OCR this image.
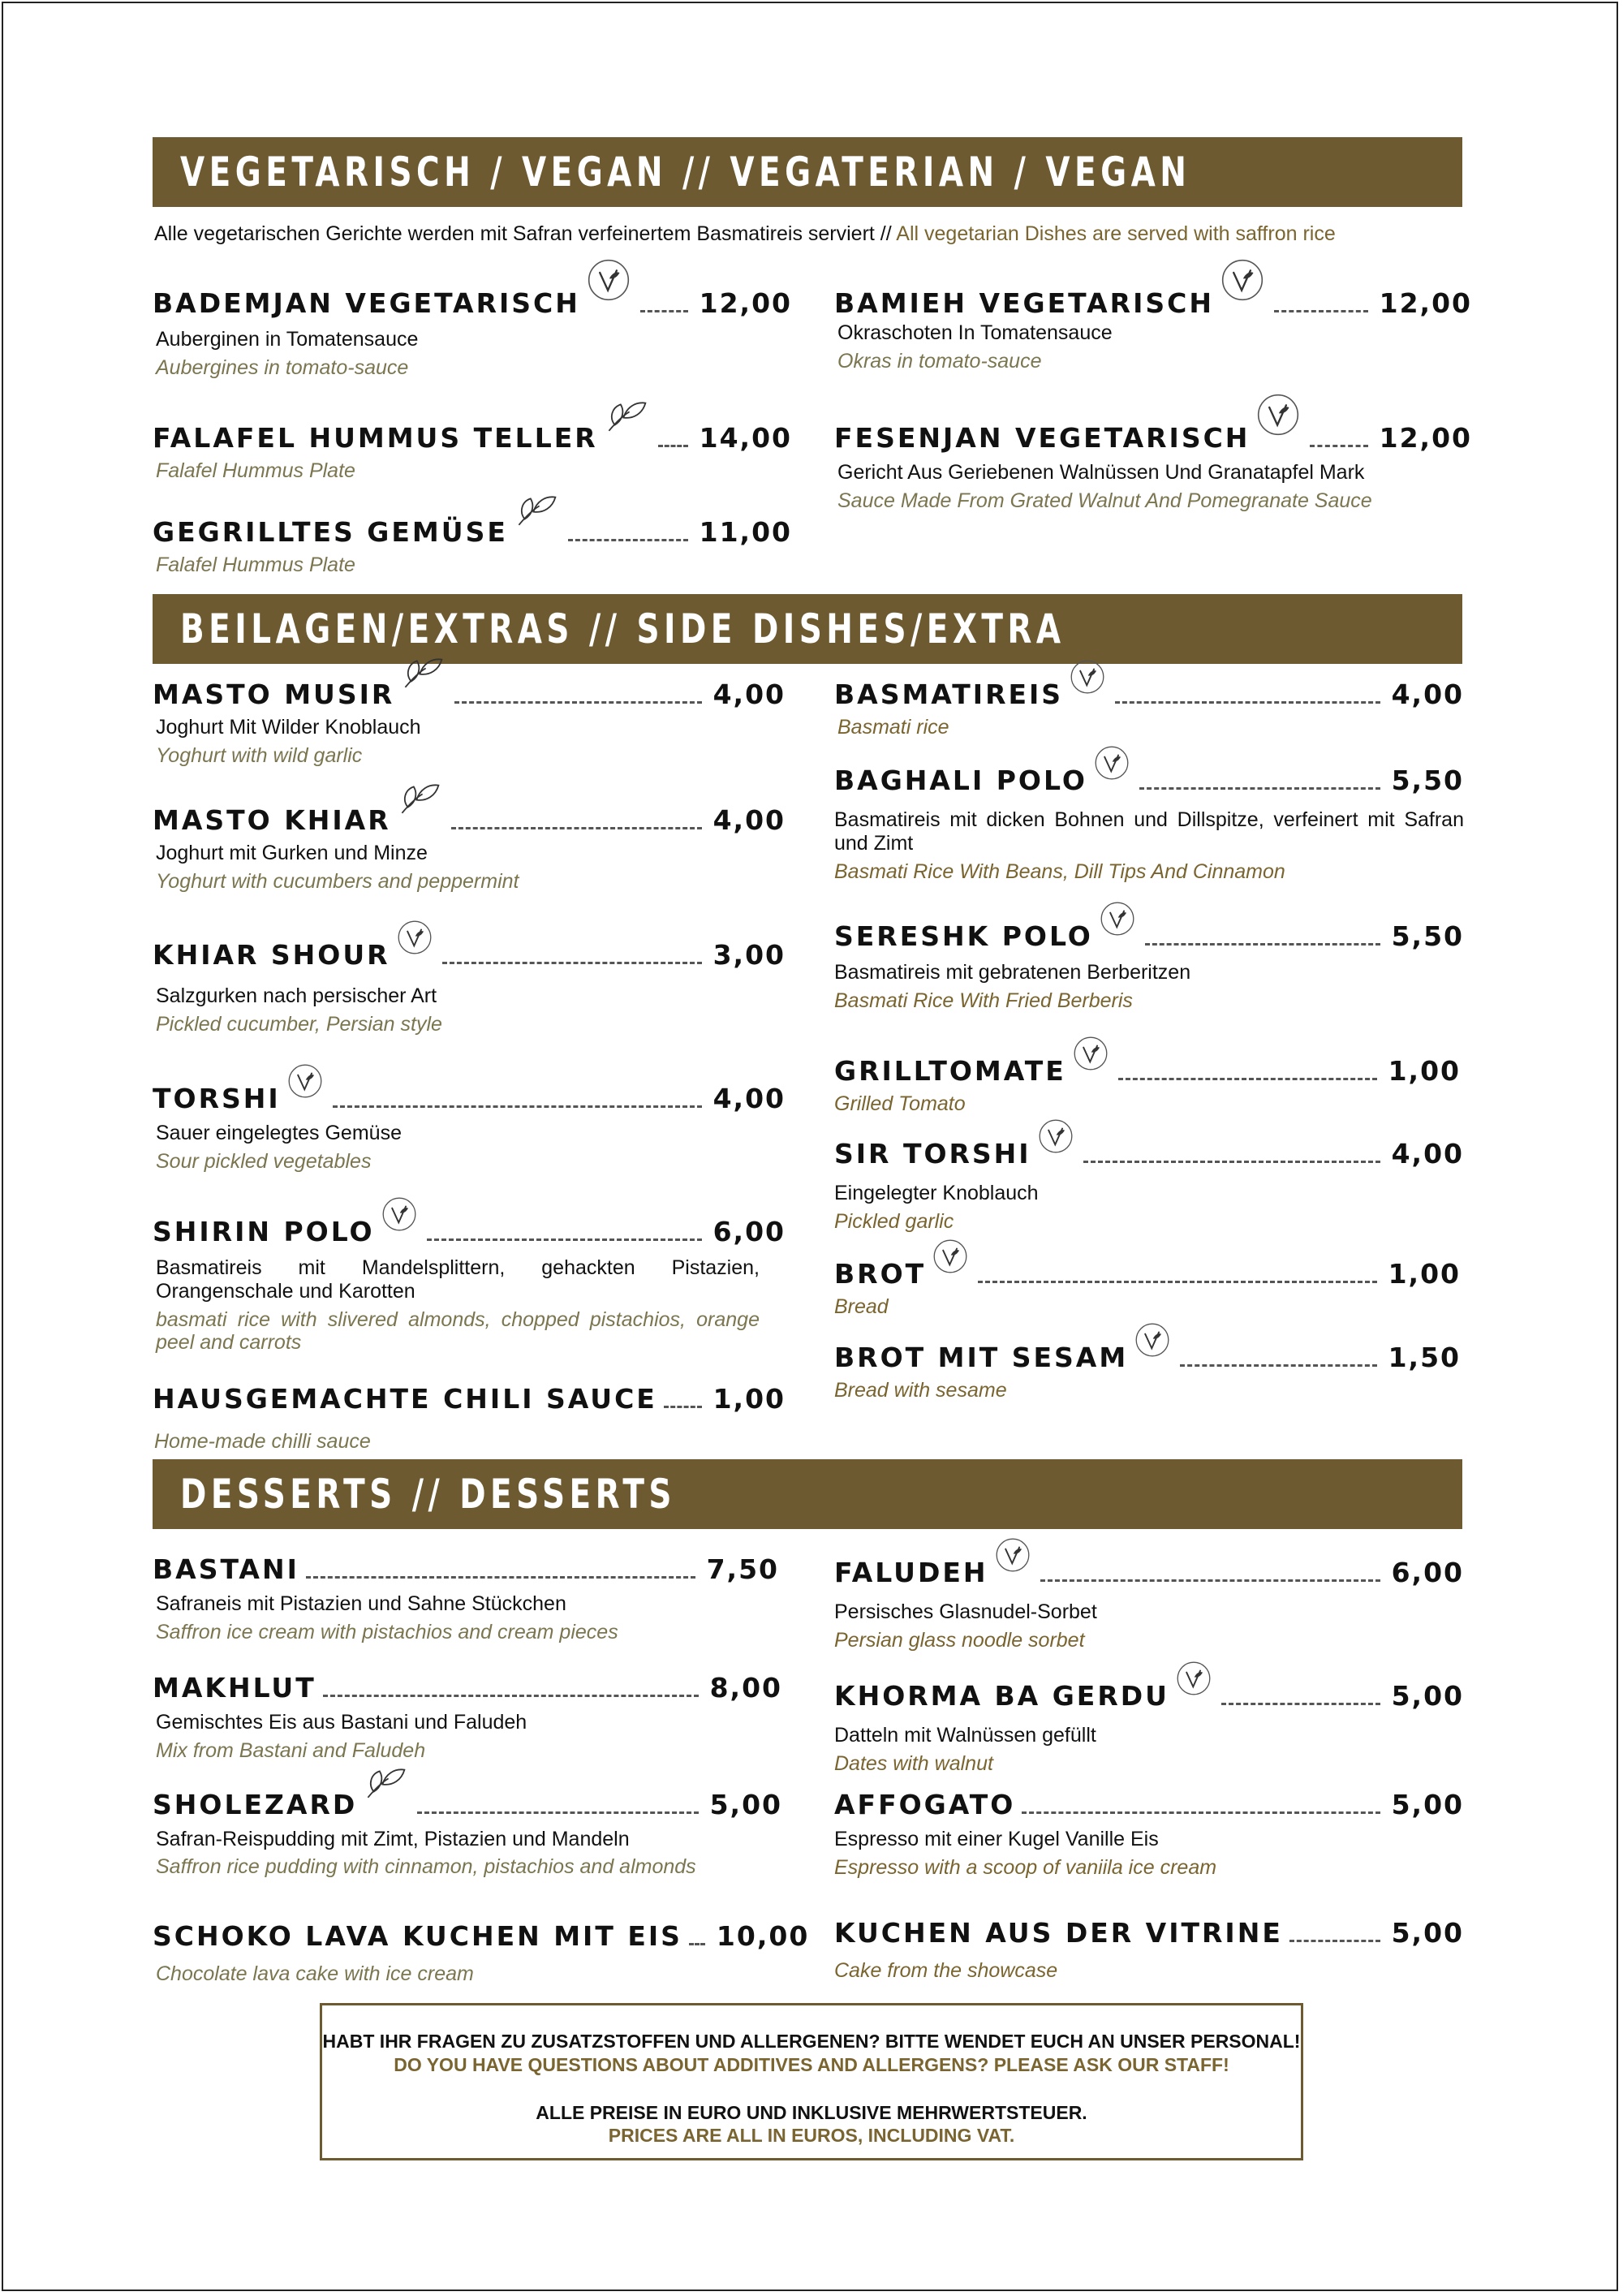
VEGETARISCH / VEGAN // VEGATERIAN / VEGAN
Alle vegetarischen Gerichte werden mit Safran verfeinertem Basmatireis serviert // All vegetarian Dishes are served with saffron rice
BADEMJAN VEGETARISCH	12,00
Auberginen in Tomatensauce
Aubergines in tomato-sauce
FALAFEL HUMMUS TELLER	14,00
Falafel Hummus Plate
GEGRILLTES GEMÜSE	11,00
Falafel Hummus Plate
BAMIEH VEGETARISCH	12,00
Okraschoten In Tomatensauce
Okras in tomato-sauce
FESENJAN VEGETARISCH	12,00
Gericht Aus Geriebenen Walnüssen Und Granatapfel Mark
Sauce Made From Grated Walnut And Pomegranate Sauce
BEILAGEN/EXTRAS // SIDE DISHES/EXTRA
MASTO MUSIR	4,00
Joghurt Mit Wilder Knoblauch
Yoghurt with wild garlic
MASTO KHIAR	4,00
Joghurt mit Gurken und Minze
Yoghurt with cucumbers and peppermint
KHIAR SHOUR	3,00
Salzgurken nach persischer Art
Pickled cucumber, Persian style
TORSHI	4,00
Sauer eingelegtes Gemüse
Sour pickled vegetables
SHIRIN POLO	6,00
Basmatireis mit Mandelsplittern, gehackten Pistazien, Orangenschale und Karotten
basmati rice with slivered almonds, chopped pistachios, orange peel and carrots
HAUSGEMACHTE CHILI SAUCE 1,00
Home-made chilli sauce
BASMATIREIS	4,00
Basmati rice
BAGHALI POLO	5,50
Basmatireis mit dicken Bohnen und Dillspitze, verfeinert mit Safran und Zimt
Basmati Rice With Beans, Dill Tips And Cinnamon
SERESHK POLO	5,50
Basmatireis mit gebratenen Berberitzen
Basmati Rice With Fried Berberis
GRILLTOMATE	1,00
Grilled Tomato
SIR TORSHI	4,00
Eingelegter Knoblauch
Pickled garlic
BROT	1,00
Bread
BROT MIT SESAM	1,50
Bread with sesame
DESSERTS // DESSERTS
BASTANI	7,50
Safraneis mit Pistazien und Sahne Stückchen
Saffron ice cream with pistachios and cream pieces
MAKHLUT	8,00
Gemischtes Eis aus Bastani und Faludeh
Mix from Bastani and Faludeh
SHOLEZARD	5,00
Safran-Reispudding mit Zimt, Pistazien und Mandeln
Saffron rice pudding with cinnamon, pistachios and almonds
SCHOKO LAVA KUCHEN MIT EIS 10,00
Chocolate lava cake with ice cream
FALUDEH	6,00
Persisches Glasnudel-Sorbet
Persian glass noodle sorbet
KHORMA BA GERDU	5,00
Datteln mit Walnüssen gefüllt
Dates with walnut
AFFOGATO	5,00
Espresso mit einer Kugel Vanille Eis
Espresso with a scoop of vaniila ice cream
KUCHEN AUS DER VITRINE	5,00
Cake from the showcase
HABT IHR FRAGEN ZU ZUSATZSTOFFEN UND ALLERGENEN? BITTE WENDET EUCH AN UNSER PERSONAL!
DO YOU HAVE QUESTIONS ABOUT ADDITIVES AND ALLERGENS? PLEASE ASK OUR STAFF!
ALLE PREISE IN EURO UND INKLUSIVE MEHRWERTSTEUER.
PRICES ARE ALL IN EUROS, INCLUDING VAT.
